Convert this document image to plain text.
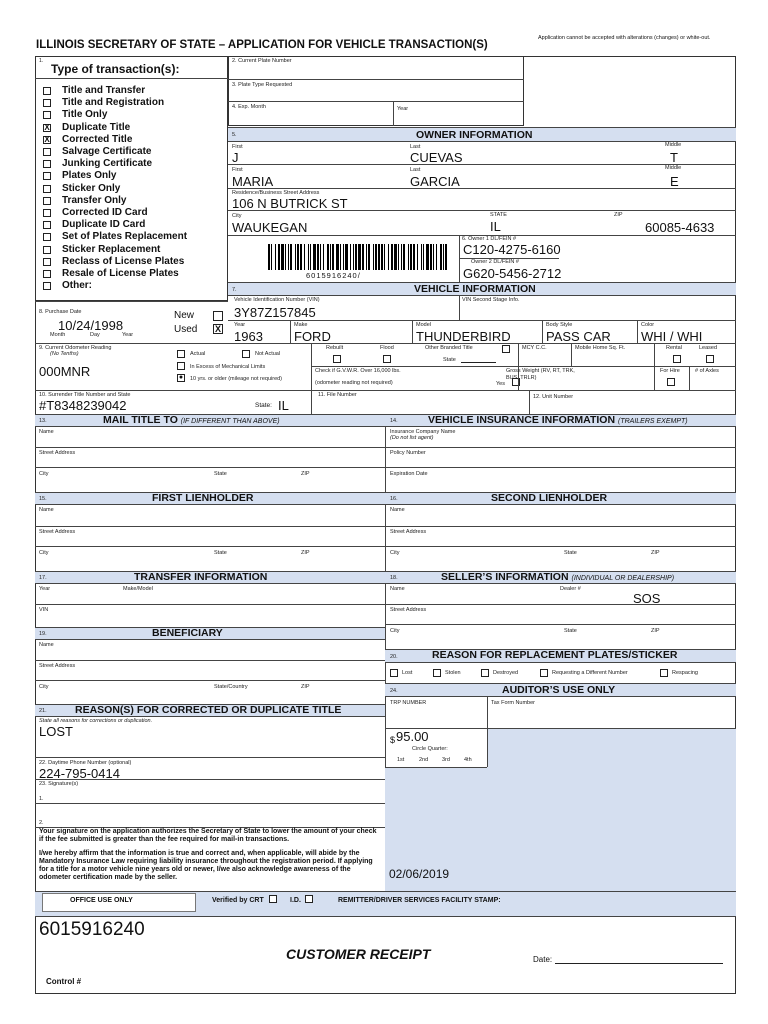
ILLINOIS SECRETARY OF STATE – APPLICATION FOR VEHICLE TRANSACTION(S)
Application cannot be accepted with alterations (changes) or white-out.
1.
Type of transaction(s):
Title and Transfer
Title and Registration
Title Only
X Duplicate Title
X Corrected Title
Salvage Certificate
Junking Certificate
Plates Only
Sticker Only
Transfer Only
Corrected ID Card
Duplicate ID Card
Set of Plates Replacement
Sticker Replacement
Reclass of License Plates
Resale of License Plates
Other:
2. Current Plate Number
3. Plate Type Requested
4. Exp. Month	Year
5.	OWNER INFORMATION
First	Last	Middle
J	CUEVAS	T
First	Last	Middle
MARIA	GARCIA	E
Residence/Business Street Address
106 N BUTRICK ST
City	STATE	ZIP
WAUKEGAN	IL	60085-4633
6. Owner 1 DL/FEIN #
C120-4275-6160
Owner 2 DL/FEIN #
G620-5456-2712
6015916240/
7.	VEHICLE INFORMATION
Vehicle Identification Number (VIN)
3Y87Z157845
VIN Second Stage Info.
Year
1963
Make
FORD
Model
THUNDERBIRD
Body Style
PASS CAR
Color
WHI / WHI
8. Purchase Date
10/24/1998
Month	Day	Year
New
Used X
9. Current Odometer Reading
(No Tenths)
000MNR
Actual	Not Actual
In Excess of Mechanical Limits
●	10 yrs. or older (mileage not required)
Rebuilt	Flood	Other Branded Title
State
Check if G.V.W.R. Over 16,000 lbs.
(odometer reading not required)	Yes
MCY C.C.	Mobile Home Sq. Ft.	Rental	Leased
Gross Weight (RV, RT, TRK,
BUS, TRLR)
For Hire	# of Axles
10. Surrender Title Number and State
#T8348239042	State: IL
11. File Number	12. Unit Number
13.	MAIL TITLE TO (IF DIFFERENT THAN ABOVE)	14.	VEHICLE INSURANCE INFORMATION (TRAILERS EXEMPT)
Name	Insurance Company Name
(Do not list agent)
Street Address	Policy Number
City	State	ZIP	Expiration Date
15.	FIRST LIENHOLDER	16.	SECOND LIENHOLDER
Name	Name
Street Address	Street Address
City	State	ZIP	City	State	ZIP
17.	TRANSFER INFORMATION	18.	SELLER’S INFORMATION (INDIVIDUAL OR DEALERSHIP)
Year	Make/Model	Name	Dealer #
SOS
VIN	Street Address
City	State	ZIP
19.	BENEFICIARY
Name
Street Address
City	State/Country	ZIP
20.	REASON FOR REPLACEMENT PLATES/STICKER
Lost	Stolen	Destroyed	Requesting a Different Number	Respacing
21.	REASON(S) FOR CORRECTED OR DUPLICATE TITLE
State all reasons for corrections or duplication.
LOST
24.	AUDITOR’S USE ONLY
TRP NUMBER	Tax Form Number
$ 95.00
Circle Quarter:
1st	2nd	3rd	4th
02/06/2019
22. Daytime Phone Number (optional)
224-795-0414
23. Signature(s)
1.
2.
Your signature on the application authorizes the Secretary of State to lower the amount of your check if the fee submitted is greater than the fee required for mail-in transactions.
I/we hereby affirm that the information is true and correct and, when applicable, will abide by the Mandatory Insurance Law requiring liability insurance throughout the registration period. If applying for a title for a motor vehicle nine years old or newer, I/we also acknowledge awareness of the odometer certification made by the seller.
OFFICE USE ONLY	Verified by CRT	I.D.	REMITTER/DRIVER SERVICES FACILITY STAMP:
6015916240
CUSTOMER RECEIPT	Date:
Control #
